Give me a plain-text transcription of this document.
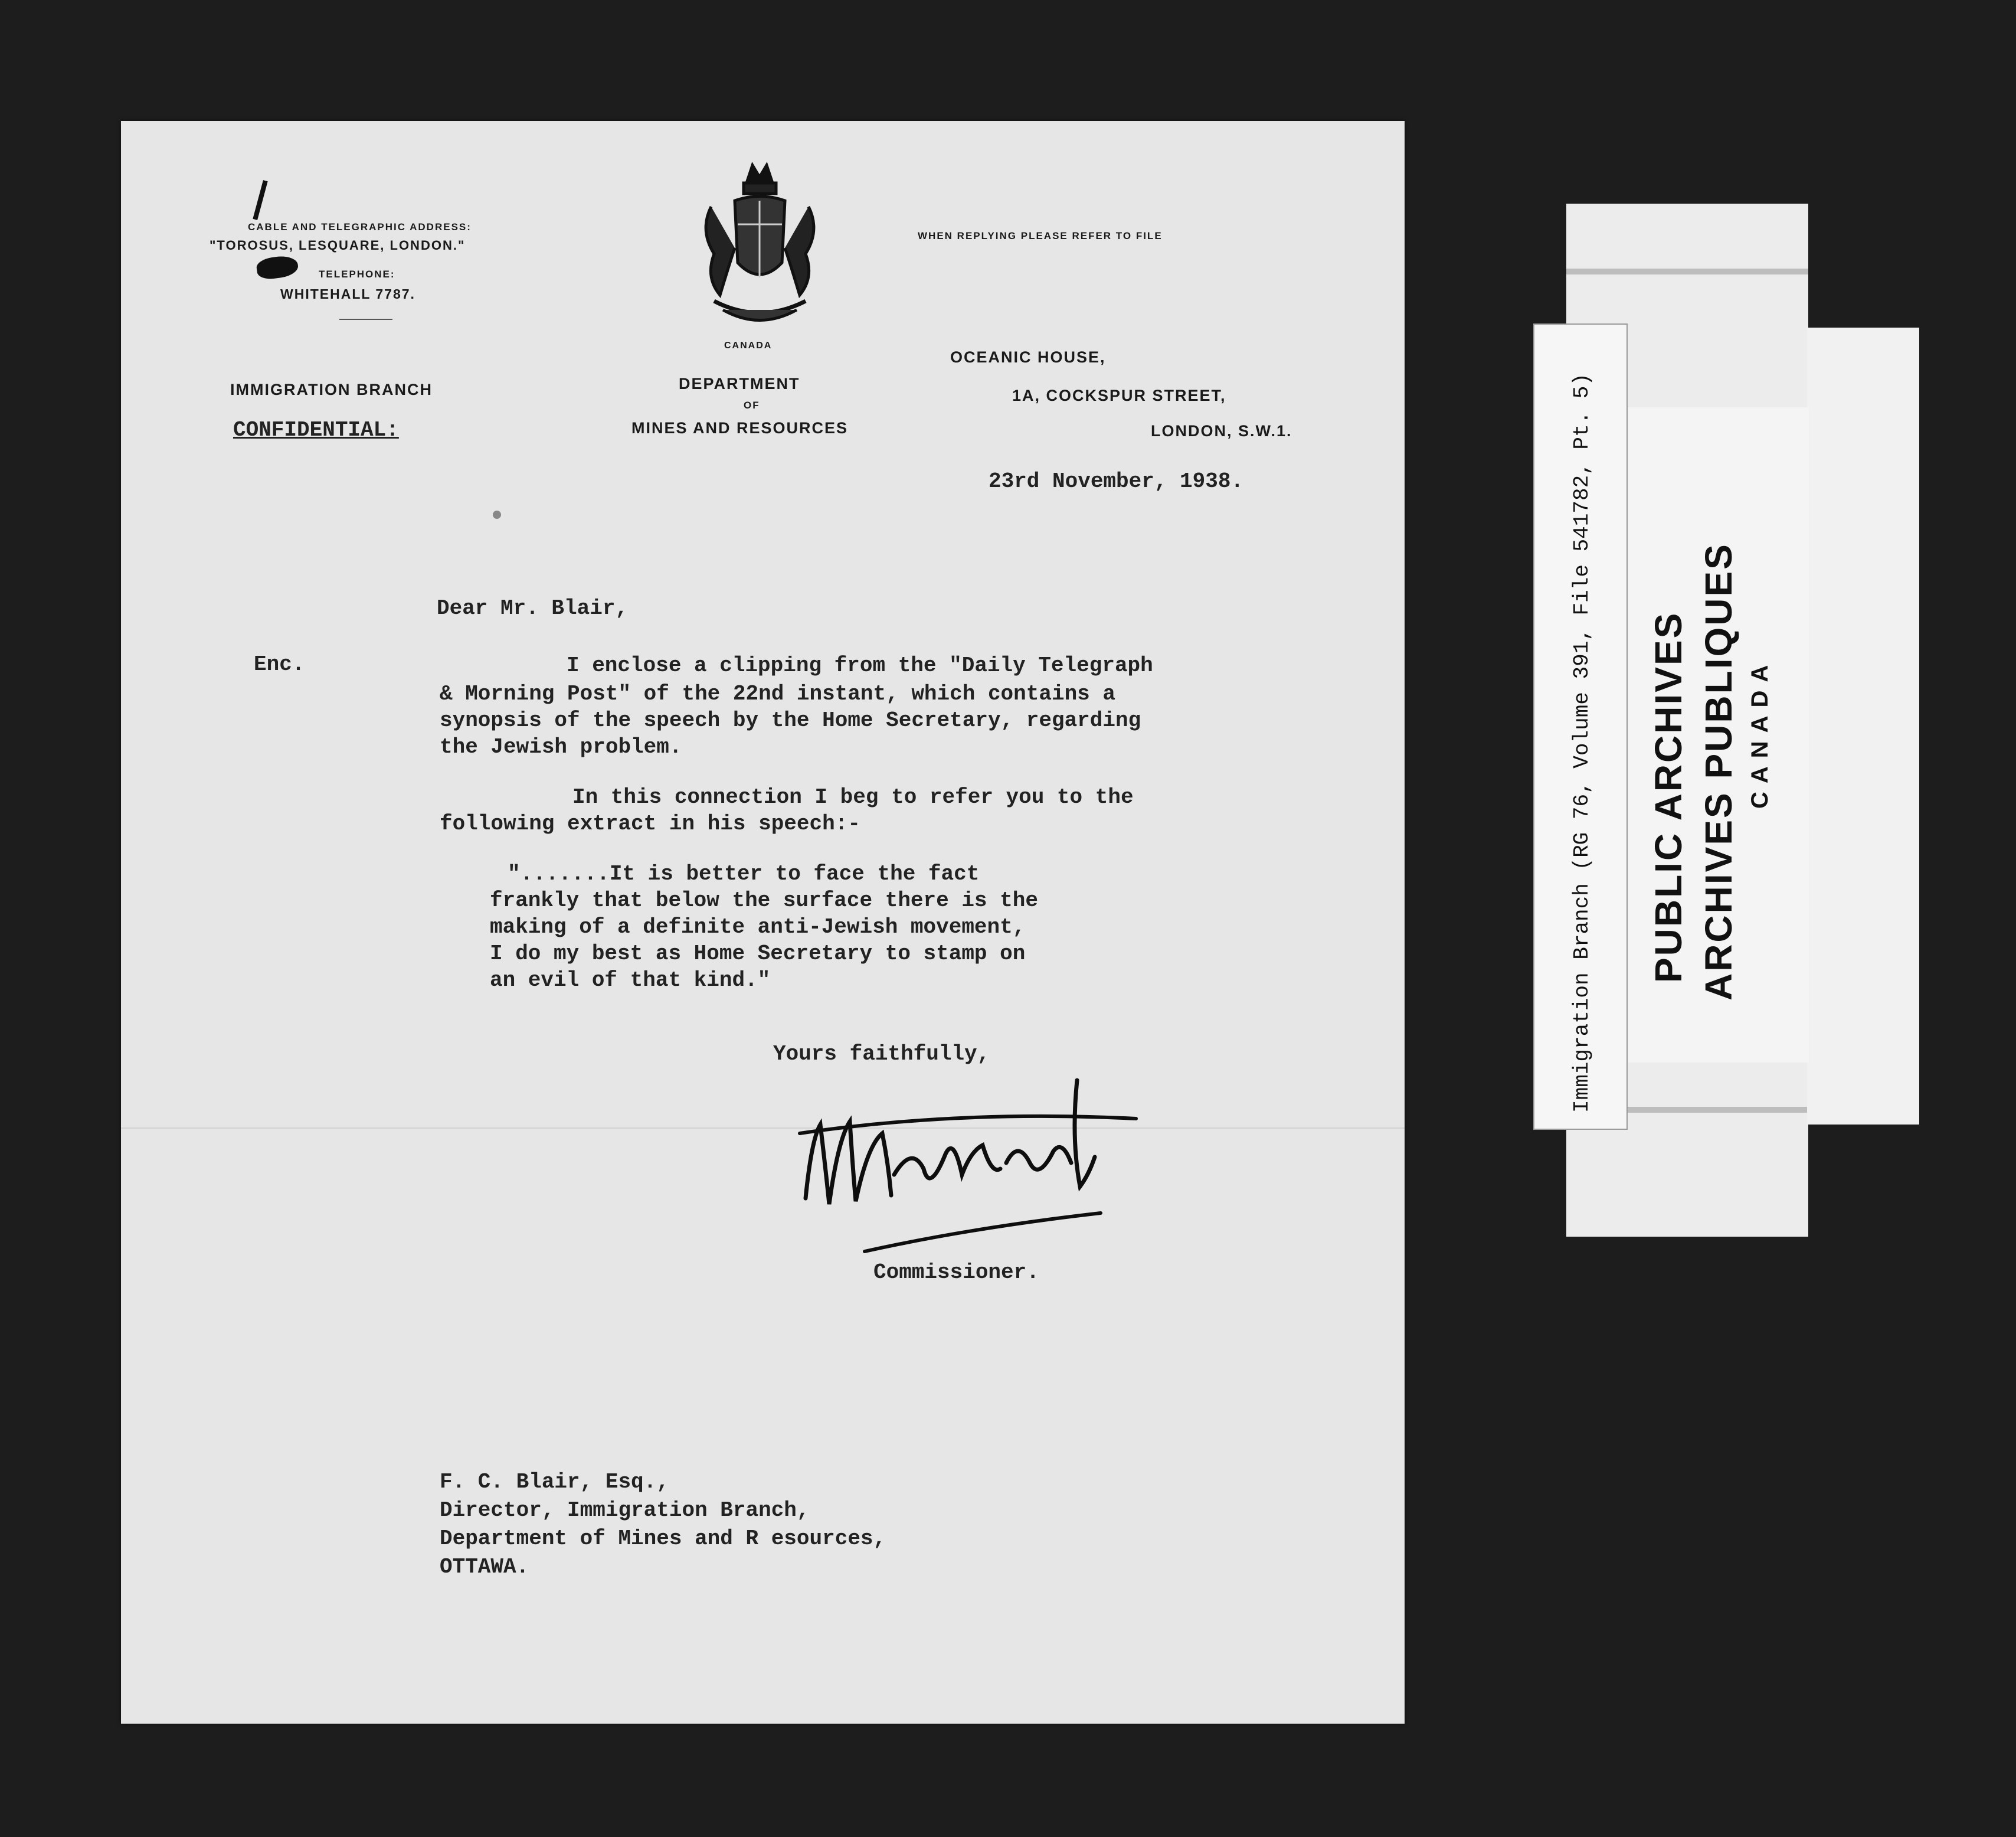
CABLE AND TELEGRAPHIC ADDRESS:
"TOROSUS, LESQUARE, LONDON."
TELEPHONE:
WHITEHALL 7787.
CANADA
WHEN REPLYING PLEASE REFER TO FILE
IMMIGRATION BRANCH	DEPARTMENT
OF
MINES AND RESOURCES
OCEANIC HOUSE,
1A, COCKSPUR STREET,
LONDON, S.W.1.
CONFIDENTIAL:
23rd November, 1938.
Dear Mr. Blair,
Enc.	I enclose a clipping from the "Daily Telegraph
& Morning Post" of the 22nd instant, which contains a
synopsis of the speech by the Home Secretary, regarding
the Jewish problem.
In this connection I beg to refer you to the
following extract in his speech:-
".......It is better to face the fact
frankly that below the surface there is the
making of a definite anti-Jewish movement,
I do my best as Home Secretary to stamp on
an evil of that kind."
Yours faithfully,
Commissioner.
F. C. Blair, Esq.,
Director, Immigration Branch,
Department of Mines and R esources,
OTTAWA.
Immigration Branch (RG 76, Volume 391, File 541782, Pt. 5) PUBLIC ARCHIVES ARCHIVES PUBLIQUES CANADA
